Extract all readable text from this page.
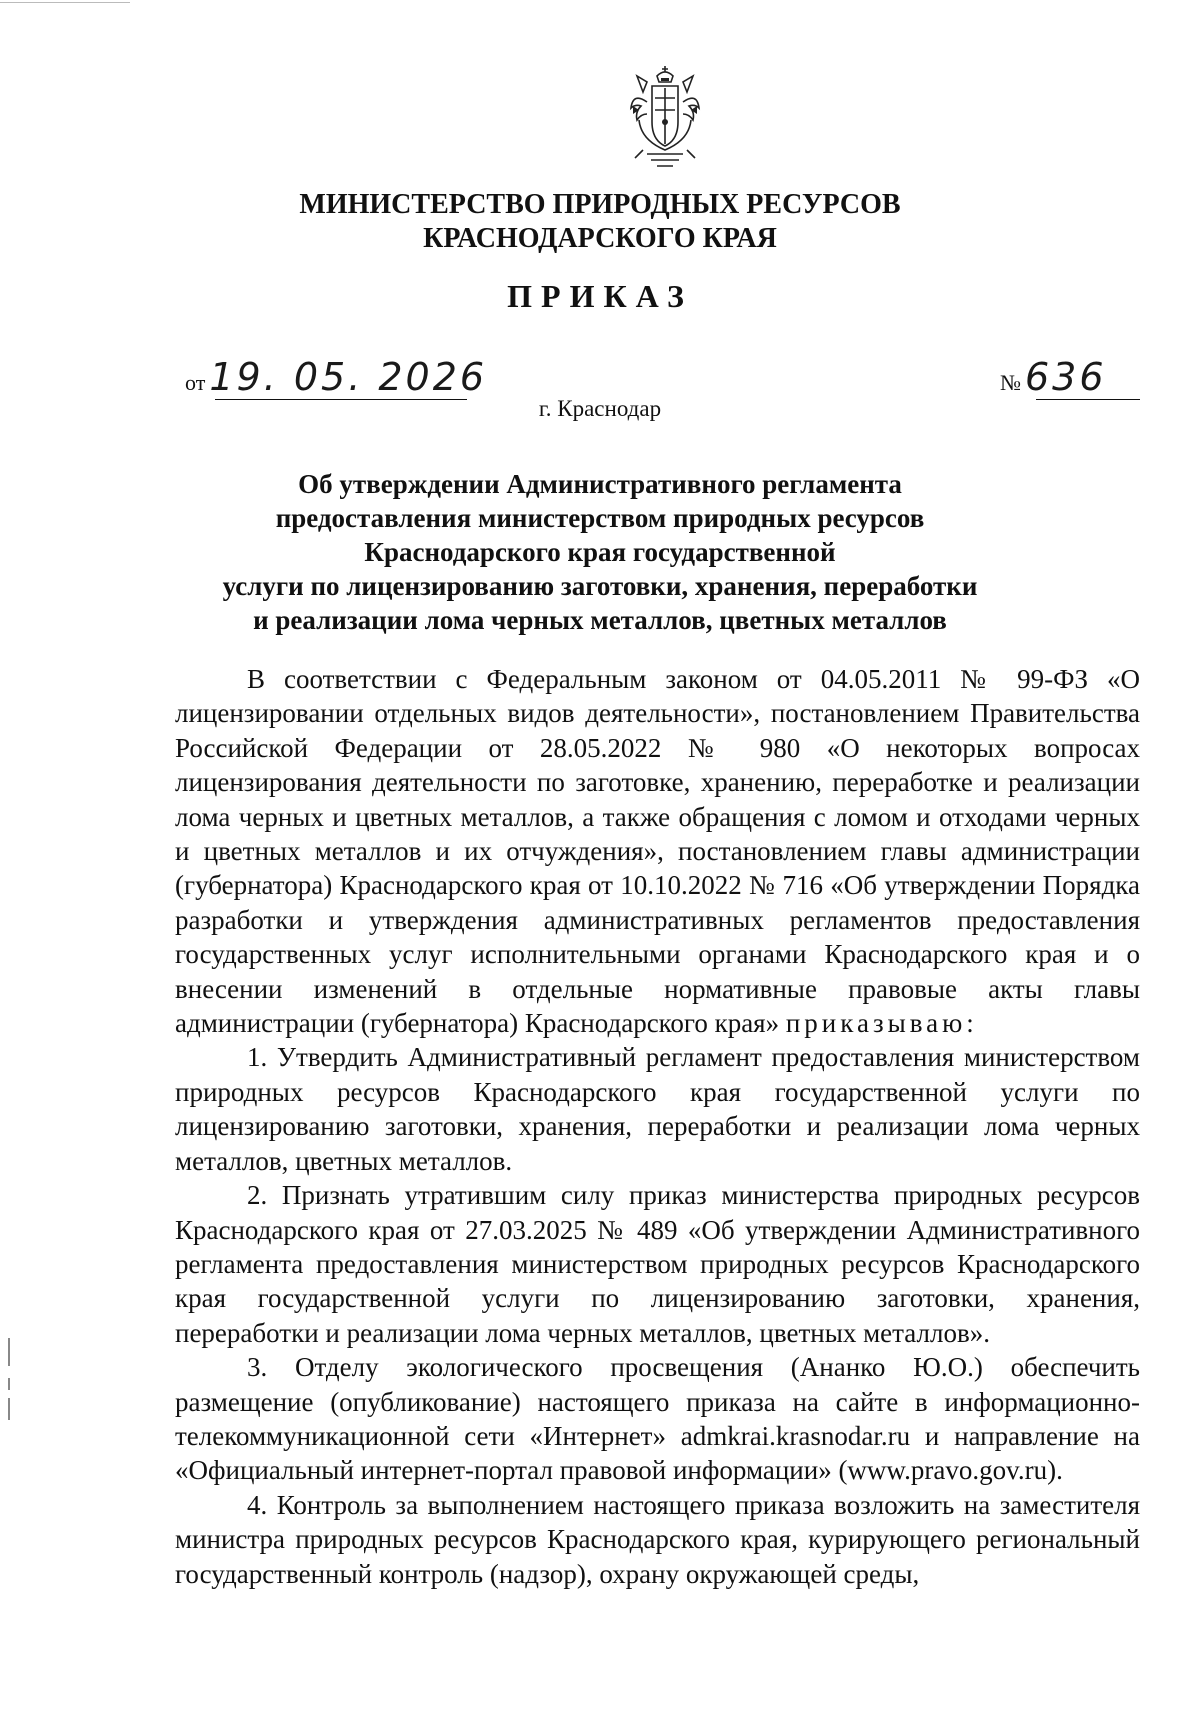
МИНИСТЕРСТВО ПРИРОДНЫХ РЕСУРСОВ
КРАСНОДАРСКОГО КРАЯ
ПРИКАЗ
от 19. 05. 2026	№ 636
г. Краснодар
Об утверждении Административного регламента
предоставления министерством природных ресурсов
Краснодарского края государственной
услуги по лицензированию заготовки, хранения, переработки
и реализации лома черных металлов, цветных металлов

В соответствии с Федеральным законом от 04.05.2011 № 99-ФЗ «О лицензировании отдельных видов деятельности», постановлением Правительства Российской Федерации от 28.05.2022 № 980 «О некоторых вопросах лицензирования деятельности по заготовке, хранению, переработке и реализации лома черных и цветных металлов, а также обращения с ломом и отходами черных и цветных металлов и их отчуждения», постановлением главы администрации (губернатора) Краснодарского края от 10.10.2022 № 716 «Об утверждении Порядка разработки и утверждения административных регламентов предоставления государственных услуг исполнительными органами Краснодарского края и о внесении изменений в отдельные нормативные правовые акты главы администрации (губернатора) Краснодарского края» приказываю:

1. Утвердить Административный регламент предоставления министерством природных ресурсов Краснодарского края государственной услуги по лицензированию заготовки, хранения, переработки и реализации лома черных металлов, цветных металлов.

2. Признать утратившим силу приказ министерства природных ресурсов Краснодарского края от 27.03.2025 № 489 «Об утверждении Административного регламента предоставления министерством природных ресурсов Краснодарского края государственной услуги по лицензированию заготовки, хранения, переработки и реализации лома черных металлов, цветных металлов».

3. Отделу экологического просвещения (Ананко Ю.О.) обеспечить размещение (опубликование) настоящего приказа на сайте в информационно-телекоммуникационной сети «Интернет» admkrai.krasnodar.ru и направление на «Официальный интернет-портал правовой информации» (www.pravo.gov.ru).

4. Контроль за выполнением настоящего приказа возложить на заместителя министра природных ресурсов Краснодарского края, курирующего региональный государственный контроль (надзор), охрану окружающей среды,
